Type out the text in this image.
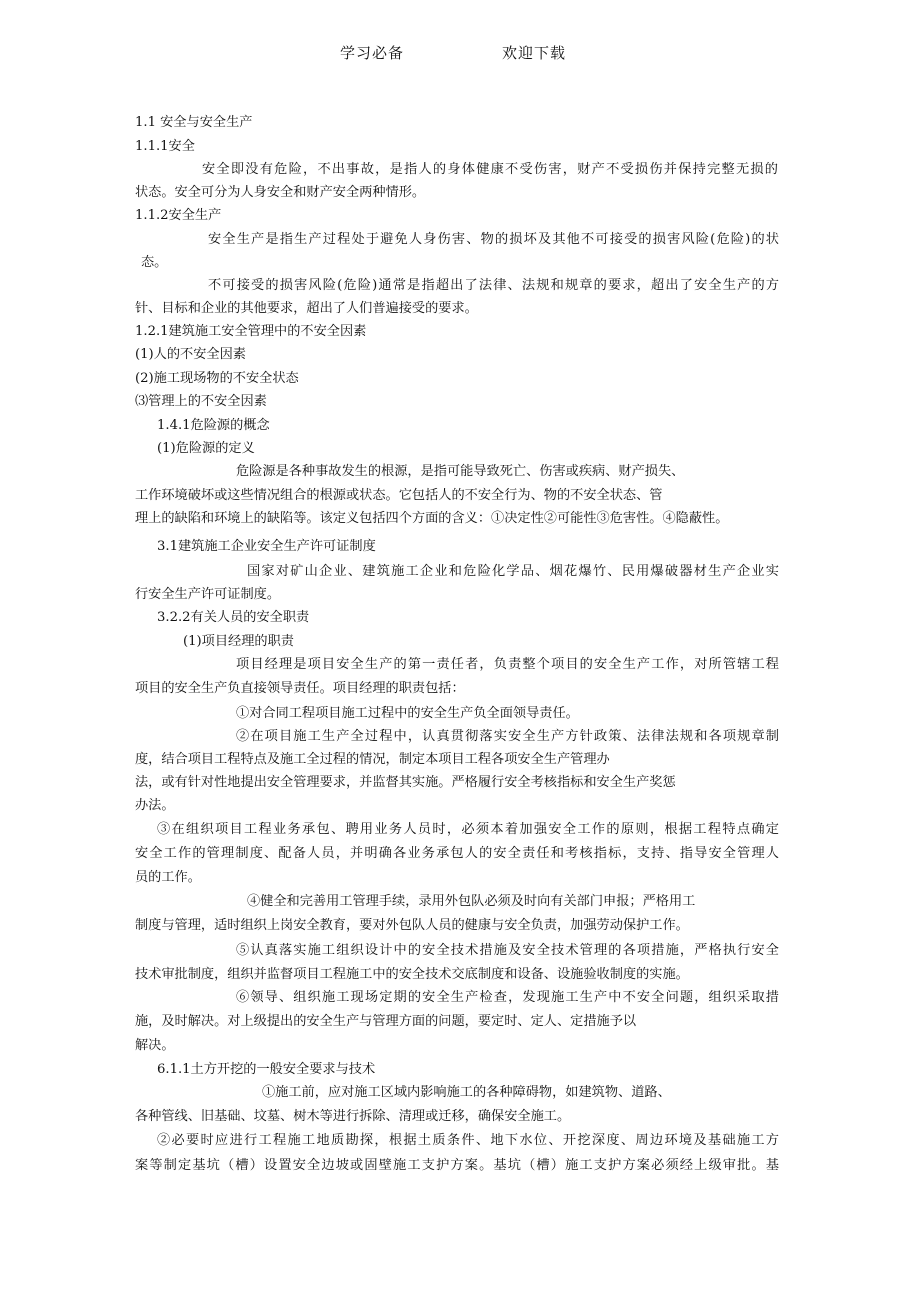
学习必备	欢迎下载
1.1 安全与安全生产
1.1.1安全
安全即没有危险，不出事故，是指人的身体健康不受伤害，财产不受损伤并保持完整无损的
状态。安全可分为人身安全和财产安全两种情形。
1.1.2安全生产
安全生产是指生产过程处于避免人身伤害、物的损坏及其他不可接受的损害风险(危险)的状
态。
不可接受的损害风险(危险)通常是指超出了法律、法规和规章的要求，超出了安全生产的方
针、目标和企业的其他要求，超出了人们普遍接受的要求。
1.2.1建筑施工安全管理中的不安全因素
(1)人的不安全因素
(2)施工现场物的不安全状态
⑶管理上的不安全因素
1.4.1危险源的概念
(1)危险源的定义
危险源是各种事故发生的根源，是指可能导致死亡、伤害或疾病、财产损失、
工作环境破坏或这些情况组合的根源或状态。它包括人的不安全行为、物的不安全状态、管
理上的缺陷和环境上的缺陷等。该定义包括四个方面的含义：①决定性②可能性③危害性。④隐蔽性。
3.1建筑施工企业安全生产许可证制度
国家对矿山企业、建筑施工企业和危险化学品、烟花爆竹、民用爆破器材生产企业实
行安全生产许可证制度。
3.2.2有关人员的安全职责
(1)项目经理的职责
项目经理是项目安全生产的第一责任者，负责整个项目的安全生产工作，对所管辖工程
项目的安全生产负直接领导责任。项目经理的职责包括：
①对合同工程项目施工过程中的安全生产负全面领导责任。
②在项目施工生产全过程中，认真贯彻落实安全生产方针政策、法律法规和各项规章制
度，结合项目工程特点及施工全过程的情况，制定本项目工程各项安全生产管理办
法，或有针对性地提出安全管理要求，并监督其实施。严格履行安全考核指标和安全生产奖惩
办法。
③在组织项目工程业务承包、聘用业务人员时，必须本着加强安全工作的原则，根据工程特点确定
安全工作的管理制度、配备人员，并明确各业务承包人的安全责任和考核指标，支持、指导安全管理人
员的工作。
④健全和完善用工管理手续，录用外包队必须及时向有关部门申报；严格用工
制度与管理，适时组织上岗安全教育，要对外包队人员的健康与安全负责，加强劳动保护工作。
⑤认真落实施工组织设计中的安全技术措施及安全技术管理的各项措施，严格执行安全
技术审批制度，组织并监督项目工程施工中的安全技术交底制度和设备、设施验收制度的实施。
⑥领导、组织施工现场定期的安全生产检查，发现施工生产中不安全问题，组织采取措
施，及时解决。对上级提出的安全生产与管理方面的问题，要定时、定人、定措施予以
解决。
6.1.1土方开挖的一般安全要求与技术
①施工前，应对施工区域内影响施工的各种障碍物，如建筑物、道路、
各种管线、旧基础、坟墓、树木等进行拆除、清理或迁移，确保安全施工。
②必要时应进行工程施工地质勘探，根据土质条件、地下水位、开挖深度、周边环境及基础施工方
案等制定基坑（槽）设置安全边坡或固壁施工支护方案。基坑（槽）施工支护方案必须经上级审批。基
